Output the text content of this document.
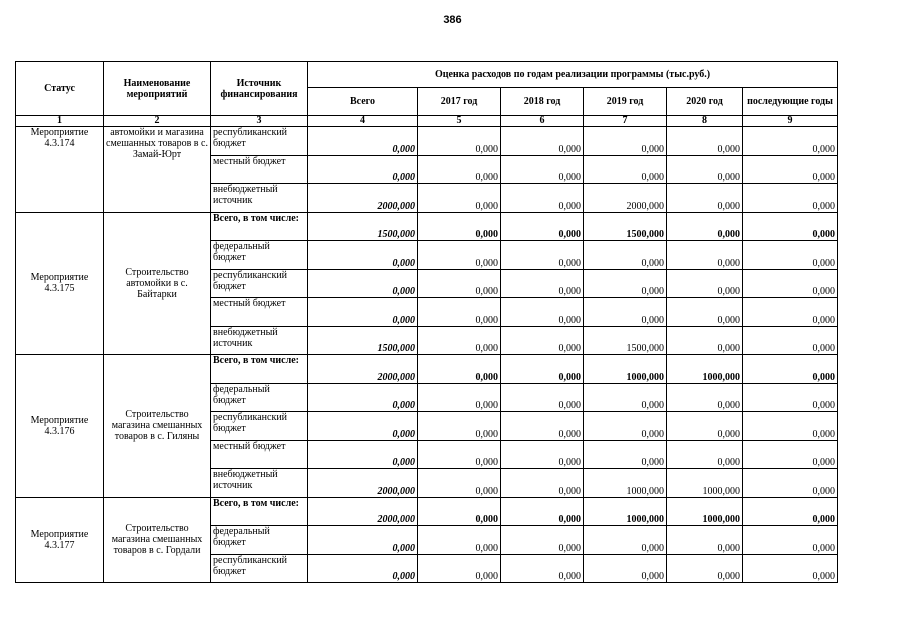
386
Статус	Наименование мероприятий	Источник финансирования	Оценка расходов по годам реализации программы (тыс.руб.)					
			Всего	2017 год	2018 год	2019 год	2020 год	последующие годы
1	2	3	4	5	6	7	8	9
Мероприятие 4.3.174	автомойки и магазина смешанных товаров в с. Замай-Юрт	республиканский бюджет	0,000	0,000	0,000	0,000	0,000	0,000
		местный бюджет	0,000	0,000	0,000	0,000	0,000	0,000
		внебюджетный источник	2000,000	0,000	0,000	2000,000	0,000	0,000
Мероприятие 4.3.175	Строительство автомойки в с. Байтарки	Всего, в том числе:	1500,000	0,000	0,000	1500,000	0,000	0,000
		федеральный бюджет	0,000	0,000	0,000	0,000	0,000	0,000
		республиканский бюджет	0,000	0,000	0,000	0,000	0,000	0,000
		местный бюджет	0,000	0,000	0,000	0,000	0,000	0,000
		внебюджетный источник	1500,000	0,000	0,000	1500,000	0,000	0,000
Мероприятие 4.3.176	Строительство магазина смешанных товаров в с. Гиляны	Всего, в том числе:	2000,000	0,000	0,000	1000,000	1000,000	0,000
		федеральный бюджет	0,000	0,000	0,000	0,000	0,000	0,000
		республиканский бюджет	0,000	0,000	0,000	0,000	0,000	0,000
		местный бюджет	0,000	0,000	0,000	0,000	0,000	0,000
		внебюджетный источник	2000,000	0,000	0,000	1000,000	1000,000	0,000
Мероприятие 4.3.177	Строительство магазина смешанных товаров в с. Гордали	Всего, в том числе:	2000,000	0,000	0,000	1000,000	1000,000	0,000
		федеральный бюджет	0,000	0,000	0,000	0,000	0,000	0,000
		республиканский бюджет	0,000	0,000	0,000	0,000	0,000	0,000
